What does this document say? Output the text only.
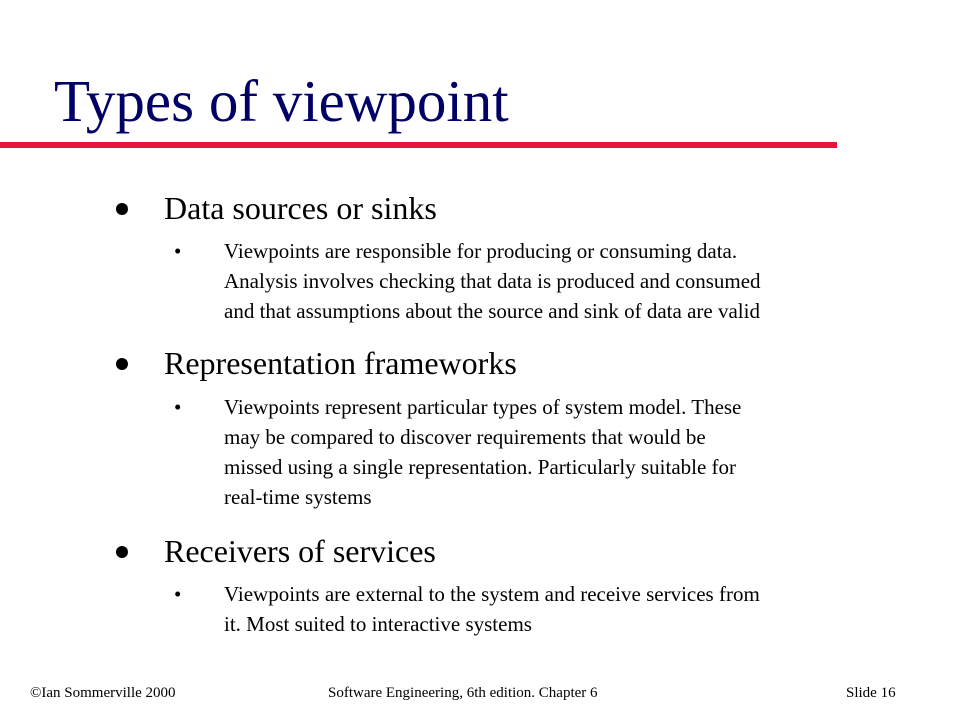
Types of viewpoint
Data sources or sinks
• Viewpoints are responsible for producing or consuming data.
Analysis involves checking that data is produced and consumed
and that assumptions about the source and sink of data are valid
Representation frameworks
• Viewpoints represent particular types of system model. These
may be compared to discover requirements that would be
missed using a single representation. Particularly suitable for
real-time systems
Receivers of services
• Viewpoints are external to the system and receive services from
it. Most suited to interactive systems
©Ian Sommerville 2000	Software Engineering, 6th edition. Chapter 6	Slide 16
